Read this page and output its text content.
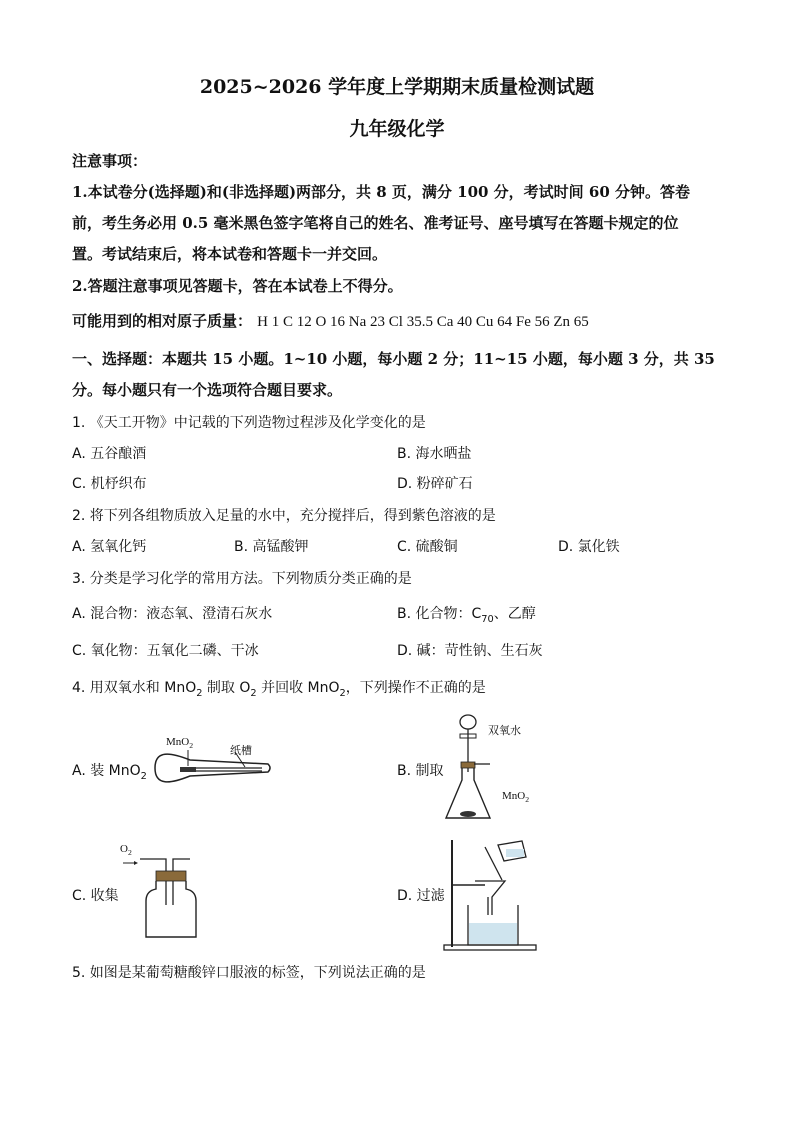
2025~2026 学年度上学期期末质量检测试题
九年级化学
注意事项：
1.本试卷分(选择题)和(非选择题)两部分，共 8 页，满分 100 分，考试时间 60 分钟。答卷
前，考生务必用 0.5 毫米黑色签字笔将自己的姓名、准考证号、座号填写在答题卡规定的位
置。考试结束后，将本试卷和答题卡一并交回。
2.答题注意事项见答题卡，答在本试卷上不得分。
可能用到的相对原子质量： H 1 C 12 O 16 Na 23 Cl 35.5 Ca 40 Cu 64 Fe 56 Zn 65
一、选择题：本题共 15 小题。1~10 小题，每小题 2 分；11~15 小题，每小题 3 分，共 35
分。每小题只有一个选项符合题目要求。
1. 《天工开物》中记载的下列造物过程涉及化学变化的是
A. 五谷酿酒	B. 海水晒盐
C. 机杼织布	D. 粉碎矿石
2. 将下列各组物质放入足量的水中，充分搅拌后，得到紫色溶液的是
A. 氢氧化钙	B. 高锰酸钾	C. 硫酸铜	D. 氯化铁
3. 分类是学习化学的常用方法。下列物质分类正确的是
A. 混合物：液态氧、澄清石灰水	B. 化合物：$C_{70}$、乙醇
C. 氧化物：五氧化二磷、干冰	D. 碱：苛性钠、生石灰
4. 用双氧水和 MnO$_2$ 制取 $O_2$ 并回收 MnO$_2$，下列操作不正确的是
A. 装 MnO$_2$	B. 制取
C. 收集	D. 过滤
MnO$_2$	纸槽
双氧水
MnO$_2$
$O_2$
5. 如图是某葡萄糖酸锌口服液的标签，下列说法正确的是
